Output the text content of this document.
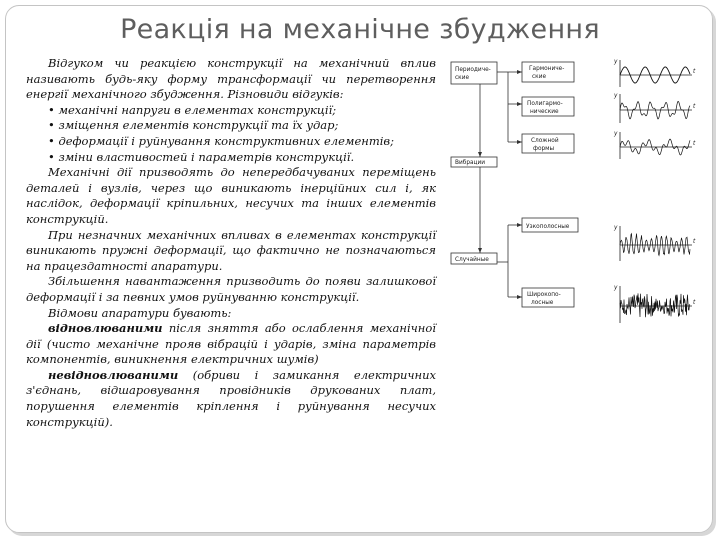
Реакція на механічне збудження

Відгуком чи реакцією конструкції на механічний вплив називають будь-яку форму трансформації чи перетворення енергії механічного збудження. Різновиди відгуків:

• механічні напруги в елементах конструкції;

• зміщення елементів конструкції та їх удар;

• деформації і руйнування конструктивних елементів;

• зміни властивостей і параметрів конструкції.

Механічні дії призводять до непередбачуваних переміщень деталей і вузлів, через що виникають інерційних сил і, як наслідок, деформації кріпильних, несучих та інших елементів конструкцій.

При незначних механічних впливах в елементах конструкції виникають пружні деформації, що фактично не позначаються на працездатності апаратури.

Збільшення навантаження призводить до появи залишкової деформації і за певних умов руйнуванню конструкції.

Відмови апаратури бувають:

відновлюваними після зняття або ослаблення механічної дії (чисто механічне прояв вібрацій і ударів, зміна параметрів компонентів, виникнення електричних шумів)

невідновлюваними (обриви і замикання електричних з'єднань, відшаровування провідників друкованих плат, порушення елементів кріплення і руйнування несучих конструкцій).

Периодиче-
ские
Вибрации
Случайные
Гармониче-
ские
Полигармо-
нические
Сложной
формы
Узкополосные
Широкопо-
лосные
y
t
y
t
y
t
y
t
y
t
